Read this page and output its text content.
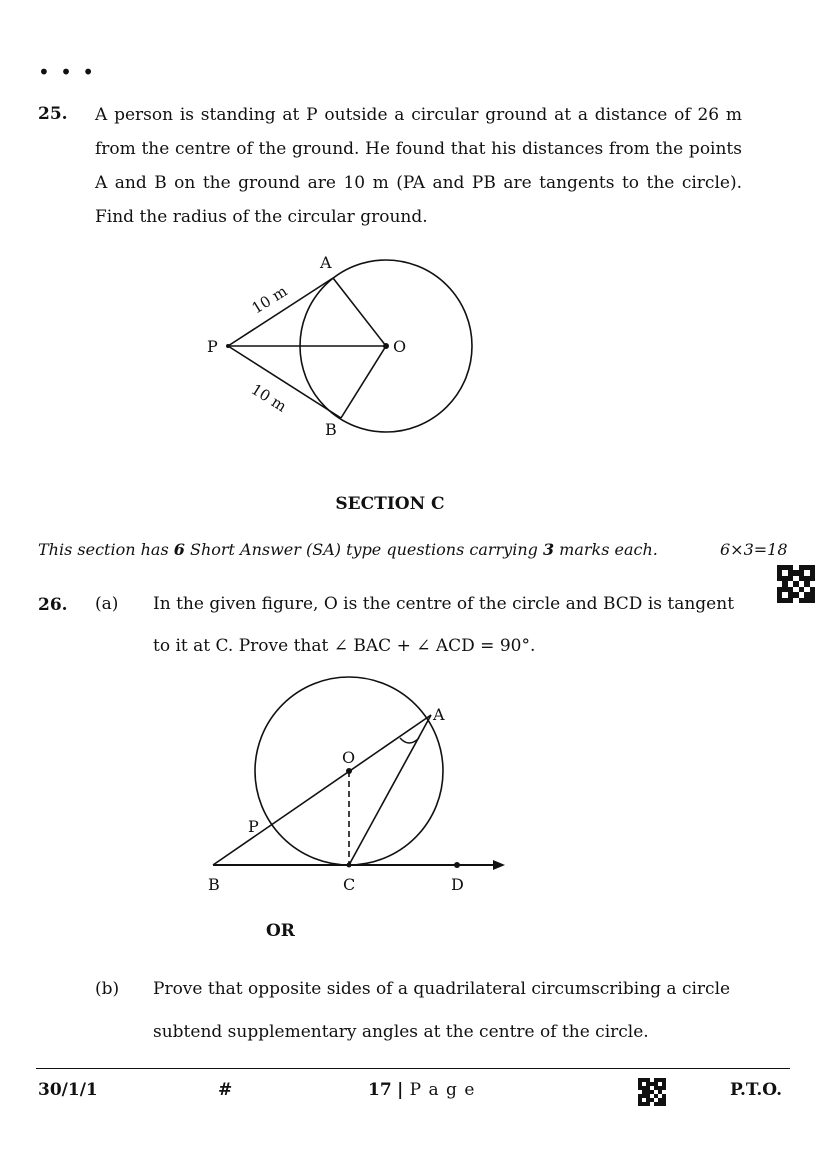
• • •
25. A person is standing at P outside a circular ground at a distance of 26 m from the centre of the ground. He found that his distances from the points A and B on the ground are 10 m (PA and PB are tangents to the circle). Find the radius of the circular ground.
A
B
P	O
10 m
10 m
SECTION C
This section has 6 Short Answer (SA) type questions carrying 3 marks each.	6×3=18
26. (a) In the given figure, O is the centre of the circle and BCD is tangent
to it at C. Prove that ∠ BAC + ∠ ACD = 90°.
A
O
P
B	C	D
OR
(b) Prove that opposite sides of a quadrilateral circumscribing a circle
subtend supplementary angles at the centre of the circle.
30/1/1	#	17 | P a g e	P.T.O.
